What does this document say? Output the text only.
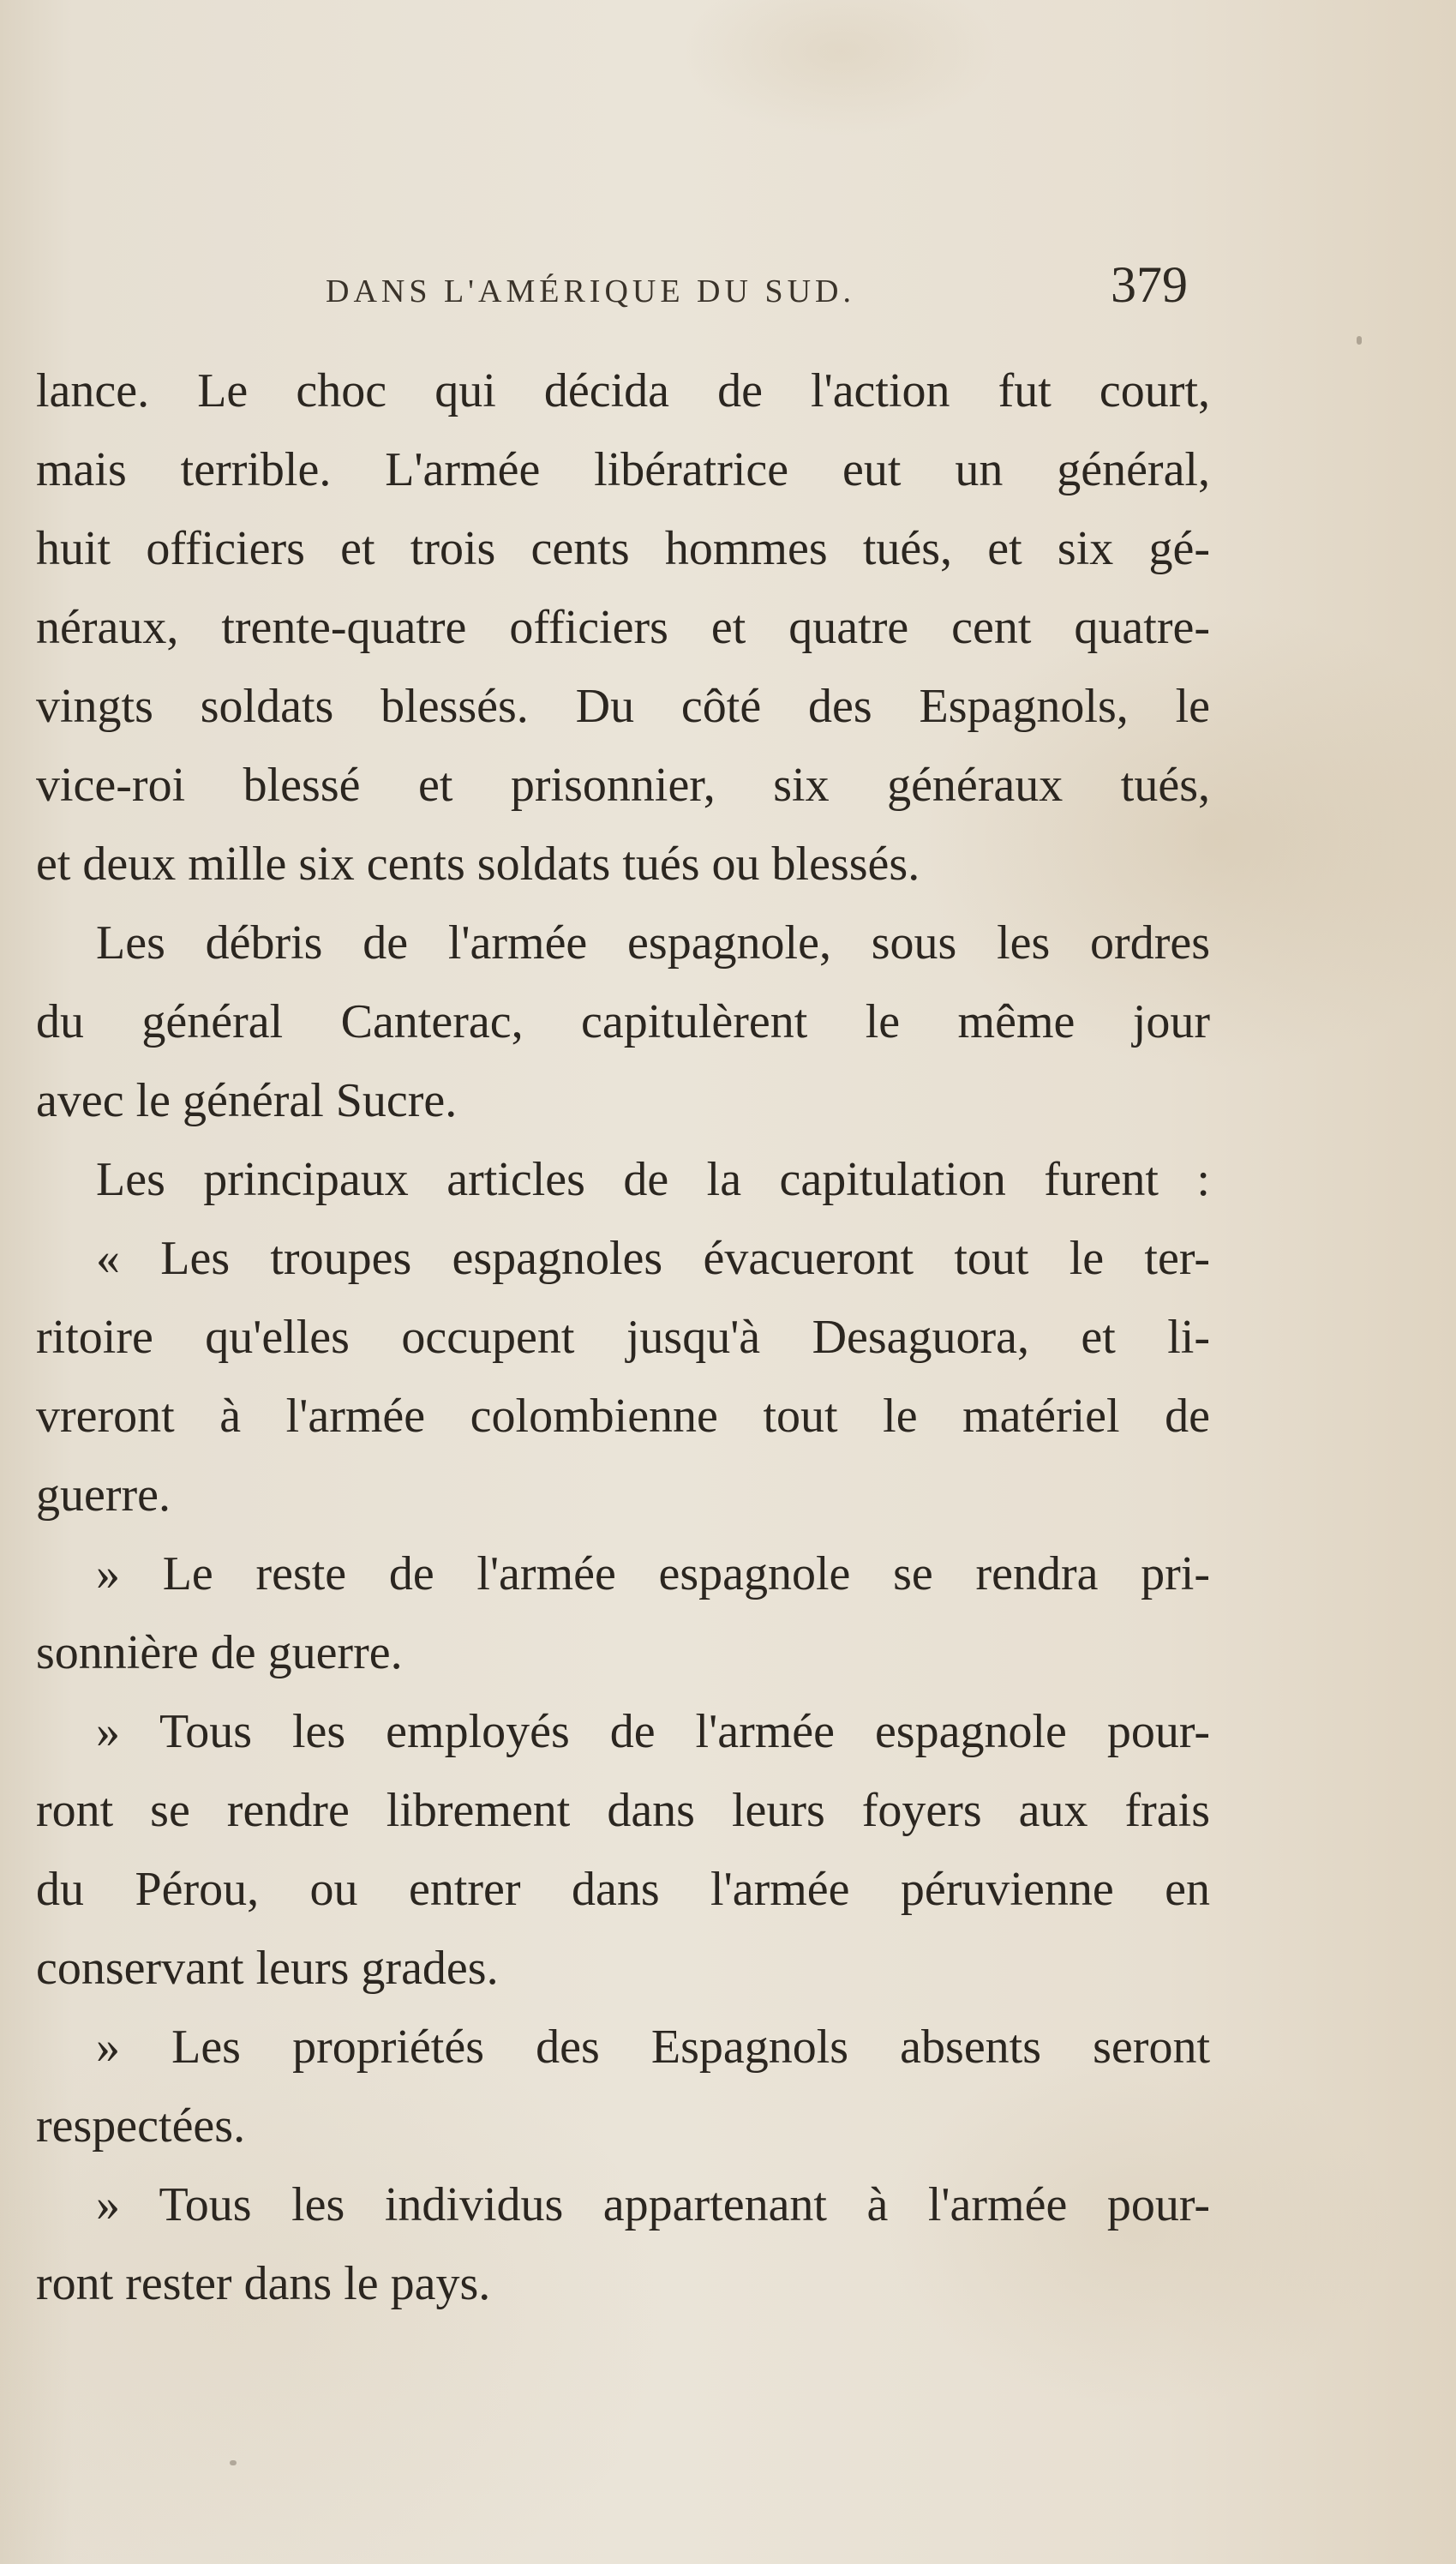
DANS L'AMÉRIQUE DU SUD.	379
lance. Le choc qui décida de l'action fut court,
mais terrible. L'armée libératrice eut un général,
huit officiers et trois cents hommes tués, et six gé-
néraux, trente-quatre officiers et quatre cent quatre-
vingts soldats blessés. Du côté des Espagnols, le
vice-roi blessé et prisonnier, six généraux tués,
et deux mille six cents soldats tués ou blessés.
Les débris de l'armée espagnole, sous les ordres
du général Canterac, capitulèrent le même jour
avec le général Sucre.
Les principaux articles de la capitulation furent :
« Les troupes espagnoles évacueront tout le ter-
ritoire qu'elles occupent jusqu'à Desaguora, et li-
vreront à l'armée colombienne tout le matériel de
guerre.
» Le reste de l'armée espagnole se rendra pri-
sonnière de guerre.
» Tous les employés de l'armée espagnole pour-
ront se rendre librement dans leurs foyers aux frais
du Pérou, ou entrer dans l'armée péruvienne en
conservant leurs grades.
» Les propriétés des Espagnols absents seront
respectées.
» Tous les individus appartenant à l'armée pour-
ront rester dans le pays.
